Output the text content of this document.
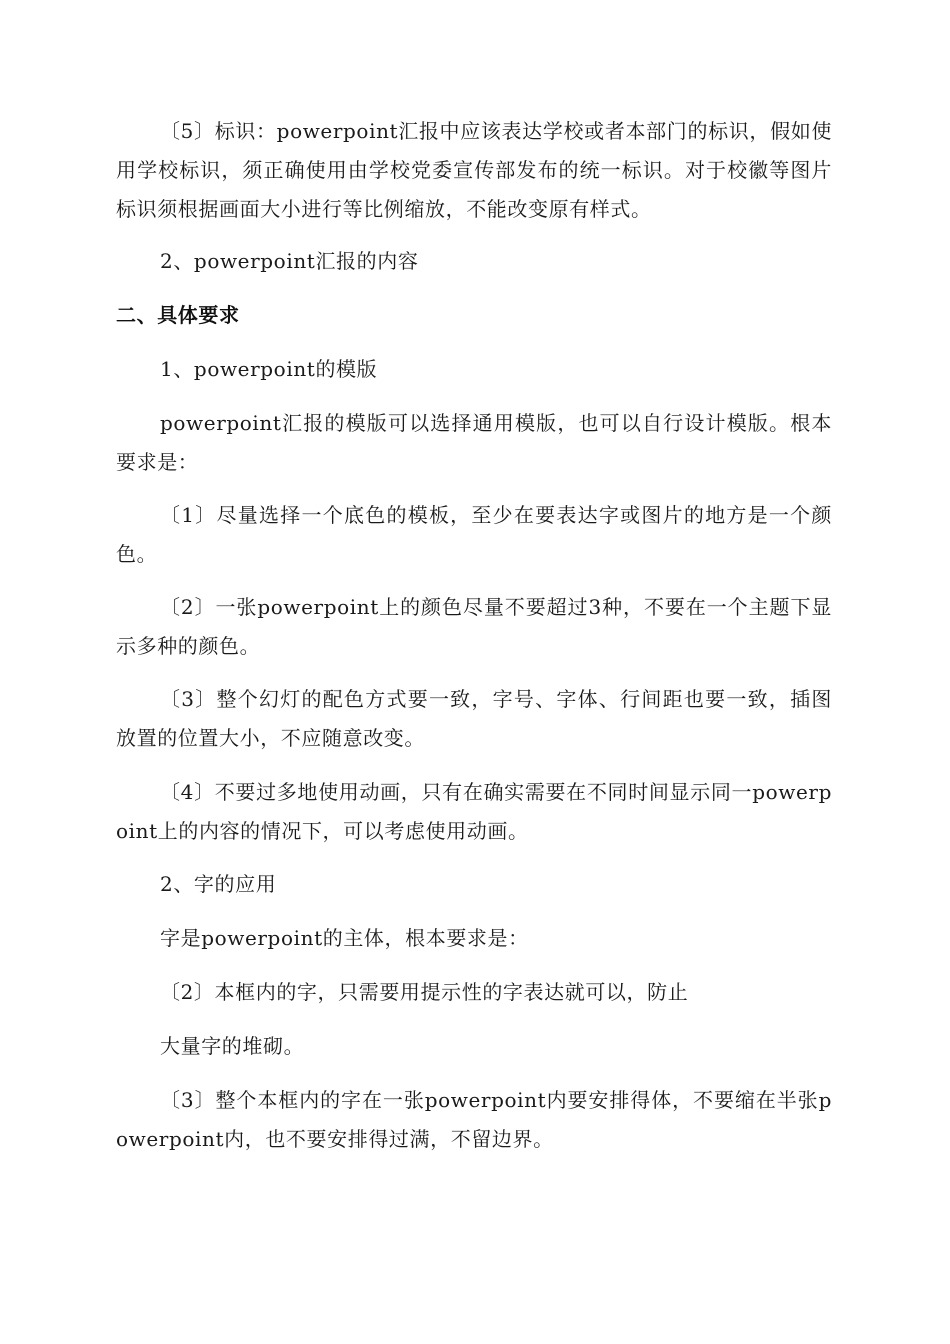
〔5〕标识：powerpoint汇报中应该表达学校或者本部门的标识，假如使用学校标识，须正确使用由学校党委宣传部发布的统一标识。对于校徽等图片标识须根据画面大小进行等比例缩放，不能改变原有样式。

2、powerpoint汇报的内容

二、具体要求

1、powerpoint的模版

powerpoint汇报的模版可以选择通用模版，也可以自行设计模版。根本要求是：

〔1〕尽量选择一个底色的模板，至少在要表达字或图片的地方是一个颜色。

〔2〕一张powerpoint上的颜色尽量不要超过3种，不要在一个主题下显示多种的颜色。

〔3〕整个幻灯的配色方式要一致，字号、字体、行间距也要一致，插图放置的位置大小，不应随意改变。

〔4〕不要过多地使用动画，只有在确实需要在不同时间显示同一powerpoint上的内容的情况下，可以考虑使用动画。

2、字的应用

字是powerpoint的主体，根本要求是：

〔2〕本框内的字，只需要用提示性的字表达就可以，防止

大量字的堆砌。

〔3〕整个本框内的字在一张powerpoint内要安排得体，不要缩在半张powerpoint内，也不要安排得过满，不留边界。
